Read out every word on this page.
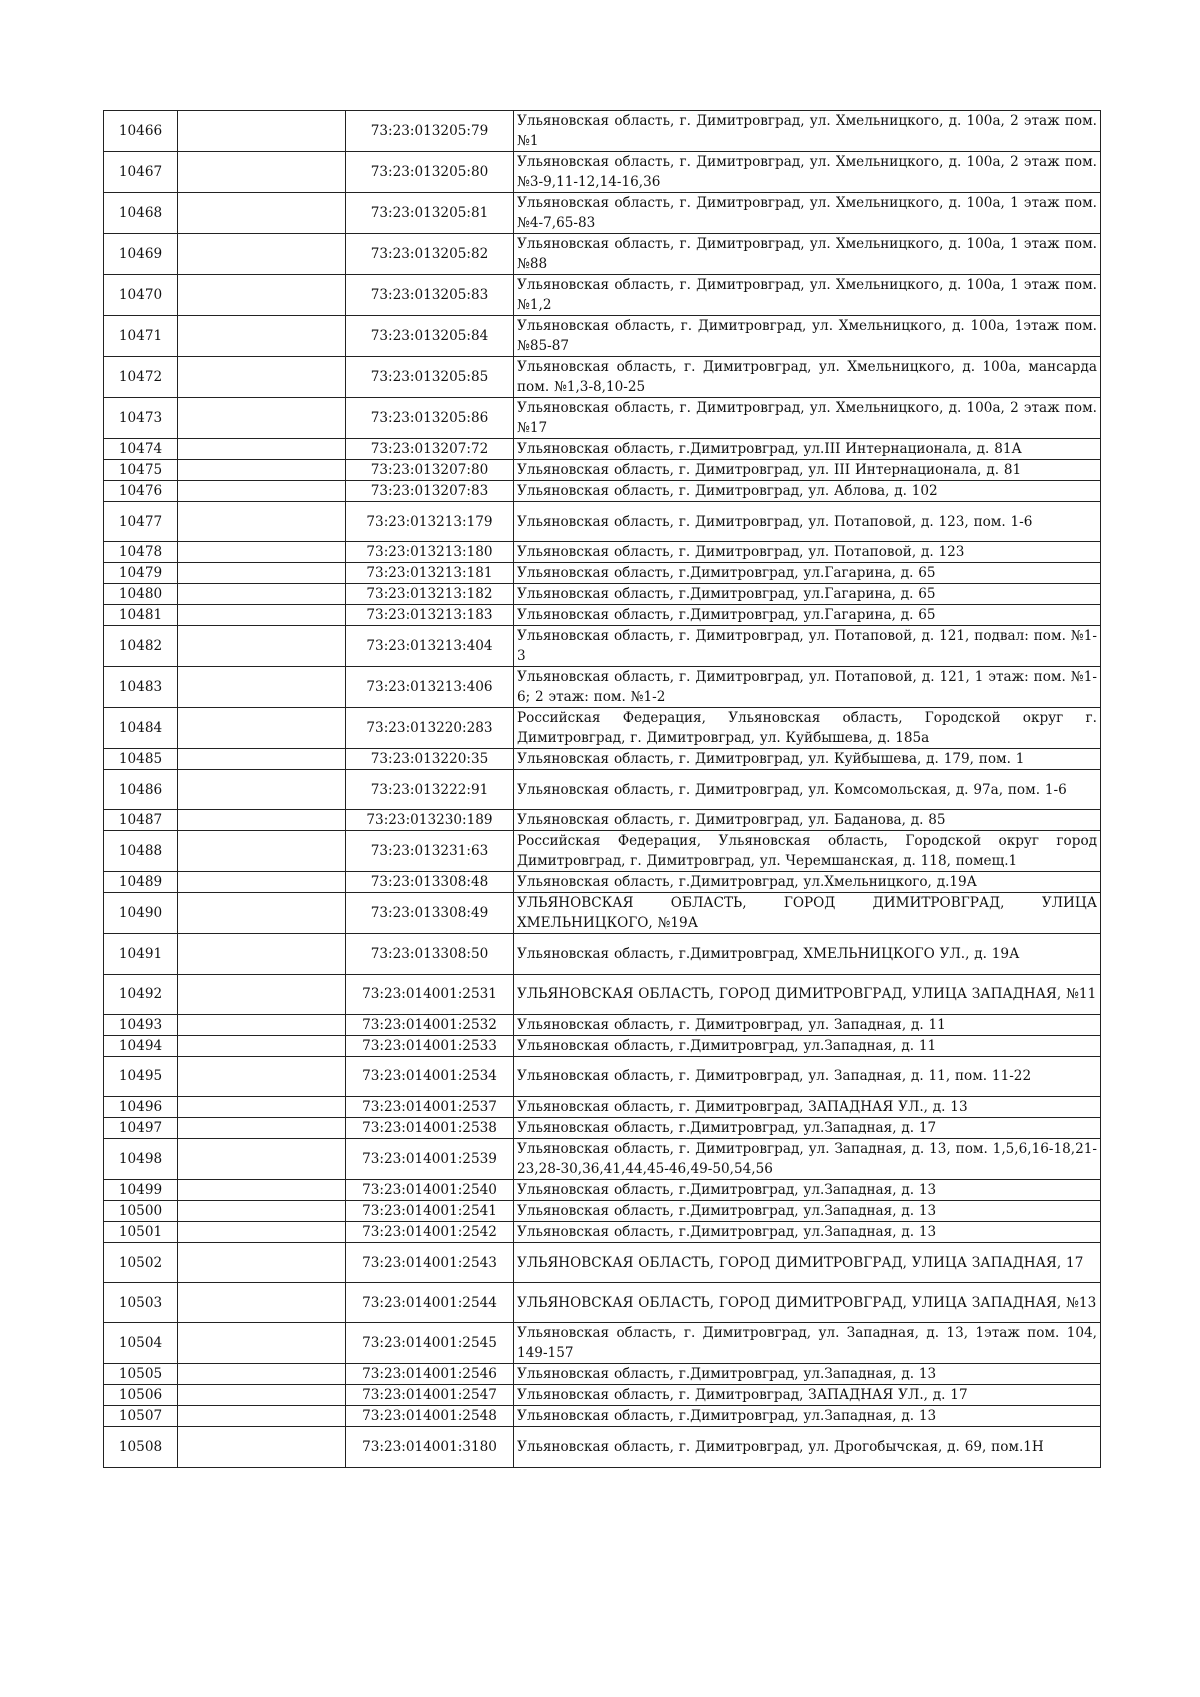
10466		73:23:013205:79	Ульяновская область, г. Димитровград, ул. Хмельницкого, д. 100а, 2 этаж пом.№1
10467		73:23:013205:80	Ульяновская область, г. Димитровград, ул. Хмельницкого, д. 100а, 2 этаж пом.№3-9,11-12,14-16,36
10468		73:23:013205:81	Ульяновская область, г. Димитровград, ул. Хмельницкого, д. 100а, 1 этаж пом.№4-7,65-83
10469		73:23:013205:82	Ульяновская область, г. Димитровград, ул. Хмельницкого, д. 100а, 1 этаж пом.№88
10470		73:23:013205:83	Ульяновская область, г. Димитровград, ул. Хмельницкого, д. 100а, 1 этаж пом.№1,2
10471		73:23:013205:84	Ульяновская область, г. Димитровград, ул. Хмельницкого, д. 100а, 1этаж пом.№85-87
10472		73:23:013205:85	Ульяновская область, г. Димитровград, ул. Хмельницкого, д. 100а, мансарда пом. №1,3-8,10-25
10473		73:23:013205:86	Ульяновская область, г. Димитровград, ул. Хмельницкого, д. 100а, 2 этаж пом.№17
10474		73:23:013207:72	Ульяновская область, г.Димитровград, ул.III Интернационала, д. 81А
10475		73:23:013207:80	Ульяновская область, г. Димитровград, ул. III Интернационала, д. 81
10476		73:23:013207:83	Ульяновская область, г. Димитровград, ул. Аблова, д. 102
10477		73:23:013213:179	Ульяновская область, г. Димитровград, ул. Потаповой, д. 123, пом. 1-6
10478		73:23:013213:180	Ульяновская область, г. Димитровград, ул. Потаповой, д. 123
10479		73:23:013213:181	Ульяновская область, г.Димитровград, ул.Гагарина, д. 65
10480		73:23:013213:182	Ульяновская область, г.Димитровград, ул.Гагарина, д. 65
10481		73:23:013213:183	Ульяновская область, г.Димитровград, ул.Гагарина, д. 65
10482		73:23:013213:404	Ульяновская область, г. Димитровград, ул. Потаповой, д. 121, подвал: пом. №1-3
10483		73:23:013213:406	Ульяновская область, г. Димитровград, ул. Потаповой, д. 121, 1 этаж: пом. №1-6; 2 этаж: пом. №1-2
10484		73:23:013220:283	Российская Федерация, Ульяновская область, Городской округ г. Димитровград, г. Димитровград, ул. Куйбышева, д. 185а
10485		73:23:013220:35	Ульяновская область, г. Димитровград, ул. Куйбышева, д. 179, пом. 1
10486		73:23:013222:91	Ульяновская область, г. Димитровград, ул. Комсомольская, д. 97а, пом. 1-6
10487		73:23:013230:189	Ульяновская область, г. Димитровград, ул. Баданова, д. 85
10488		73:23:013231:63	Российская Федерация, Ульяновская область, Городской округ город Димитровград, г. Димитровград, ул. Черемшанская, д. 118, помещ.1
10489		73:23:013308:48	Ульяновская область, г.Димитровград, ул.Хмельницкого, д.19А
10490		73:23:013308:49	УЛЬЯНОВСКАЯ ОБЛАСТЬ, ГОРОД ДИМИТРОВГРАД, УЛИЦА ХМЕЛЬНИЦКОГО, №19А
10491		73:23:013308:50	Ульяновская область, г.Димитровград, ХМЕЛЬНИЦКОГО УЛ., д. 19А
10492		73:23:014001:2531	УЛЬЯНОВСКАЯ ОБЛАСТЬ, ГОРОД ДИМИТРОВГРАД, УЛИЦА ЗАПАДНАЯ, №11
10493		73:23:014001:2532	Ульяновская область, г. Димитровград, ул. Западная, д. 11
10494		73:23:014001:2533	Ульяновская область, г.Димитровград, ул.Западная, д. 11
10495		73:23:014001:2534	Ульяновская область, г. Димитровград, ул. Западная, д. 11, пом. 11-22
10496		73:23:014001:2537	Ульяновская область, г. Димитровград, ЗАПАДНАЯ УЛ., д. 13
10497		73:23:014001:2538	Ульяновская область, г.Димитровград, ул.Западная, д. 17
10498		73:23:014001:2539	Ульяновская область, г. Димитровград, ул. Западная, д. 13, пом. 1,5,6,16-18,21-23,28-30,36,41,44,45-46,49-50,54,56
10499		73:23:014001:2540	Ульяновская область, г.Димитровград, ул.Западная, д. 13
10500		73:23:014001:2541	Ульяновская область, г.Димитровград, ул.Западная, д. 13
10501		73:23:014001:2542	Ульяновская область, г.Димитровград, ул.Западная, д. 13
10502		73:23:014001:2543	УЛЬЯНОВСКАЯ ОБЛАСТЬ, ГОРОД ДИМИТРОВГРАД, УЛИЦА ЗАПАДНАЯ, 17
10503		73:23:014001:2544	УЛЬЯНОВСКАЯ ОБЛАСТЬ, ГОРОД ДИМИТРОВГРАД, УЛИЦА ЗАПАДНАЯ, №13
10504		73:23:014001:2545	Ульяновская область, г. Димитровград, ул. Западная, д. 13, 1этаж пом. 104, 149-157
10505		73:23:014001:2546	Ульяновская область, г.Димитровград, ул.Западная, д. 13
10506		73:23:014001:2547	Ульяновская область, г. Димитровград, ЗАПАДНАЯ УЛ., д. 17
10507		73:23:014001:2548	Ульяновская область, г.Димитровград, ул.Западная, д. 13
10508		73:23:014001:3180	Ульяновская область, г. Димитровград, ул. Дрогобычская, д. 69, пом.1Н
